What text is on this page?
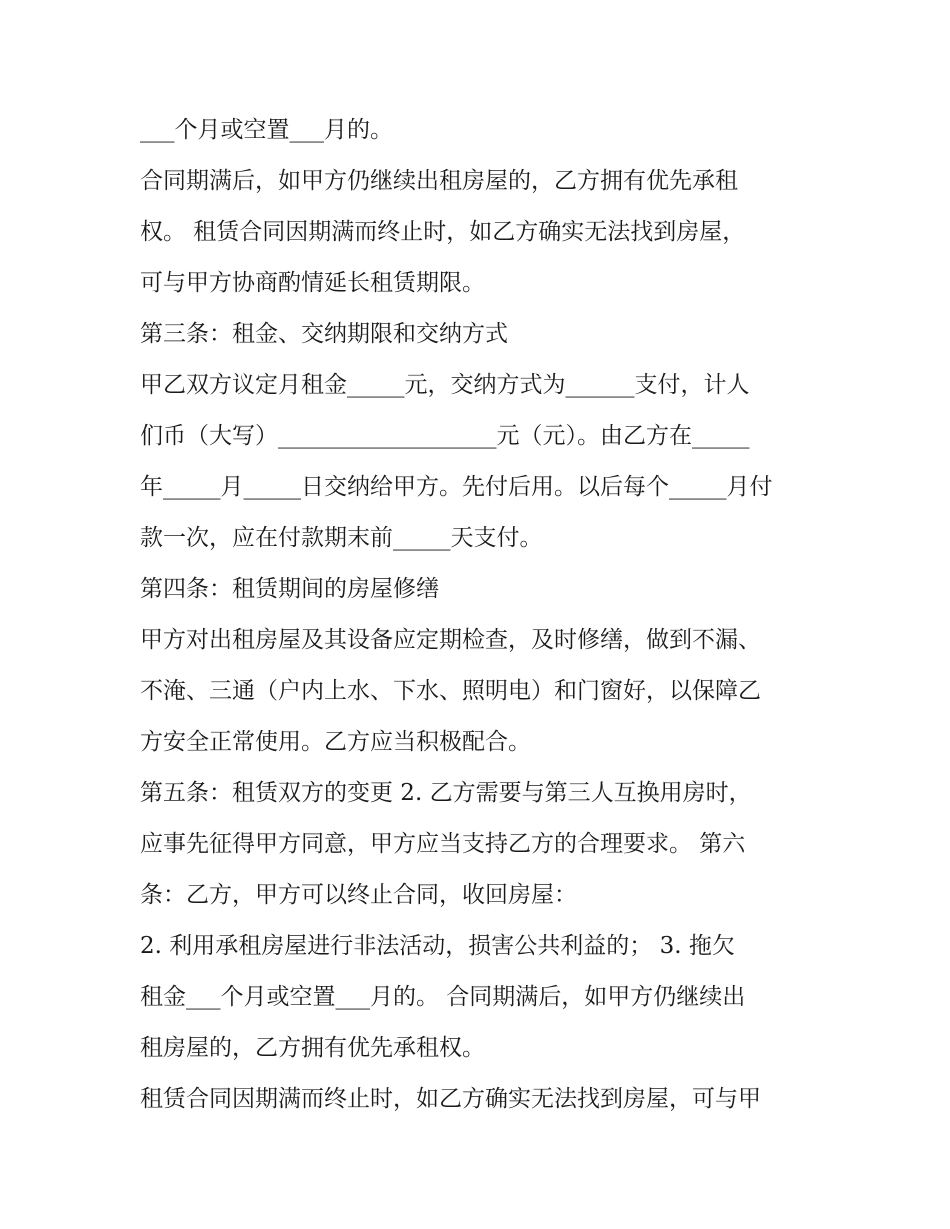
___个月或空置___月的。
合同期满后，如甲方仍继续出租房屋的，乙方拥有优先承租
权。 租赁合同因期满而终止时，如乙方确实无法找到房屋，
可与甲方协商酌情延长租赁期限。
第三条：租金、交纳期限和交纳方式
甲乙双方议定月租金_____元，交纳方式为______支付，计人
们币（大写）___________________元（元）。由乙方在_____
年_____月_____日交纳给甲方。先付后用。以后每个_____月付
款一次，应在付款期末前_____天支付。
第四条：租赁期间的房屋修缮
甲方对出租房屋及其设备应定期检查，及时修缮，做到不漏、
不淹、三通（户内上水、下水、照明电）和门窗好，以保障乙
方安全正常使用。乙方应当积极配合。
第五条：租赁双方的变更 2. 乙方需要与第三人互换用房时，
应事先征得甲方同意，甲方应当支持乙方的合理要求。 第六
条：乙方，甲方可以终止合同，收回房屋：
2. 利用承租房屋进行非法活动，损害公共利益的； 3. 拖欠
租金___个月或空置___月的。 合同期满后，如甲方仍继续出
租房屋的，乙方拥有优先承租权。
租赁合同因期满而终止时，如乙方确实无法找到房屋，可与甲
